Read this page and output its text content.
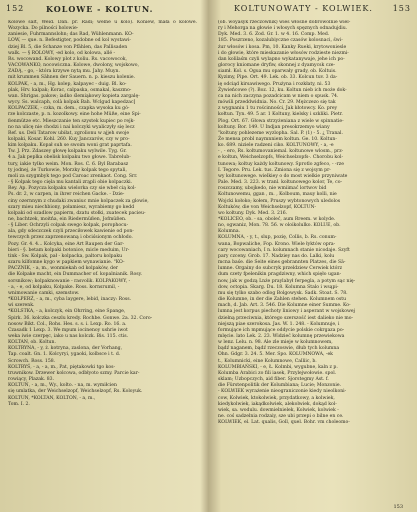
152	KOLOWE - KOLTUN.
Kolowe salt, Weid. Dan. pr. Radi; welne u kolo). Koniew, mała o kolowé. Wozycka. Do pilności holowie-
zaniesie, Fuhrmannslohn; das Rad, Wühlenmann. KO-
LOW, — que. n. Befestigter, podobne od kol wystawi-
dziej Bl. 5, die Schanze von Pfählen, das Pallisaden
walk. — § ROLOWY, -ed kolo, od kolowa, allé -
Rs. wocowand. Kolowy plot z koliu. Rs. vacowocok,
VACOWANKO, nocowiczna. Kolowe, dwolony, wojskowo,
ZADĄ, - go, - która krzywe nytą mu. Jahy. Muyn.
mit krummen Sähnen der Sauern. n. p. kieszu kolenie.
KOLPAK, - a, m., Hg. kolep, kalpayec - duig. Bl. ko-
plak, Hrv. kalpak; Korac, calpaska, osmakal, kaszmo-
wan. Shrigas. pakow; iadko ślemiąkowy kopieta zargalę-
wycy. Ss. walcaph, colà kolpak Bah. Wclgud kapedzac]
KOLPACZEK, - czka, m. dem., czapka wysoka ku gó-
rze kolczaste, p. n. kozolkowy. eine hohe Müße, eine Spi-
ßenmütze etc. Mieszczanie ten szystek kupiec po rejk-
no na ulicę nie chodzi i nai kolczyki wyaliczyły się lecz
Ref. us. Deli Tatarow ubiłat, zgrolionu w ajjeh swoje
kolpaki, Kosar. Kohl. 260. Kuy Janczarów, czy w pro-
kim kolpaku. Kopał suh se swoim woni grat paprtafa.
Tw. J. Prz. Zdaszey głowę kolpaku wylwile. Tyg. Gr.
4 a. Jak peplka obelisk kolpaku two głowe. Tabrelub-
tury, iakie tylko weim. Mon. Ros. C. 6. Byl Barabasz
ty jodnej, że Turkowie, Morzky kolpak tego spytali,
moli za szygmbyk tego pod Caroac zrenkaot. Cong. Srr.
- § Kolpak tego cięla mu kantali zrąpli obie kolpaczki.
Rey. Ap. Pozycza kolpaku wielorka czy sie wbeł cią kol-
Ps. dr. 2, w carpen, in ihrer reichen Gacke. - Dzie-
ciny ozernnym z chudaki zwaniuc mnie kolpaczek za glowie,
szary mieu niechbiony, połamiesz, wyrabiemy go kedd
kolpaki od ozadlow papierm, dzatu stołki, zuatecek pacieu-
ne, bachtzek, moitńa, ein Riedermüßen, Jofmüßen.
- § Liber. Ochrzyli colpak swego kolpak, porophocu-
ala, gdy sdeczczek czyli przeciłowek kawienie od pon-
tewczych przez zaprzenowaną i obciśsionym ochłodo.
Pozy. Gr. 4. 4... Kolcyka, eine Art Raupen der Gar-
bieri - §. betam kolpaki botonice, micle meduim, Ur-
tink - Sw. Kolpak, pał - kolpacka, paltoru kolpaku
szaru kilfomne kygo w papkiem wynawianie. "KO-
PACZNIK, - a, m., wonmiekah od kolpaków, der
die Kolpake macht, ein Dummacher of. kopalnianik. Rosy.
sorsnikow; kolpaknowanie - rasvolik. KOLPAKOWY, -
- a, - e, od kolpaku, Kolpake. Ross. kornsrumil, -
wnimowanie camki, szemstow.
*KOLPERŹ, - a, m., cyba laygere, lebid, inaczy: Ross.
wi szerenk.
*KOLSTKA, - a, kolczyk, ein Ohrring, eine Spange,
Spirk. 36. kolczka ceszlu kredy. Rochbe. Gonwe. 2a. 32. Coro-
nosow Bikt. Col., Rohs. Hes. s. s. i. Lexp. Ro. 16. a.
Czasadk 1 Lexp. 3. We mpum iocinenoy ushrie iwot
weka iwie czerpęc, iako u nas kolczk. Bis. 115. ctis.
KOLTAN, ob. Koltun.
KOLTRYNA, - y, ż. kotryna, zaslona, der Vorhang,
Tap. coalt. Gn. 1. Kolcyryi, ygaoki, kolbsce i t. d.
Scrowch. Ross. 158.
KOLTRYŚ, - a, - a, m., Pat, piętakowki tgo kos-
truwnikow. Drzewer kolcowa, odbłyoto szmy. Parcie kar-
rowiący, Plazak. 83.
KOLTUŃ, - a, m., Wy., kolto. - na, m. wymiłcien
się umlatka, der Weichselzopf, Weichselzopf, Rs. Koloyuk.
KOLTUN, *KOLTAN, KOLTON, - a, m.,
Tom. I. 2.
KOLTUNOWATY - KOLWIEK. 153
(ob. woyasyk rzeczownik) wieś włośne dobrowolnie wiel-
ry i Mehorga na głowie i włosych spęznych odnadujdiu.
Dyk. Med. 3. 6. Zod. Gr. 1. w 4. 16. Comp. Med.
185. Poszrzeno, kozalubiyczne czasów kolosnaci, świ-
żur włosów i kosa. Pm, 10. Kanky Rueki, krytowoniesle
i do głowie, które mieskazanie włosów rodzieste niezmi-
dan kolilaśm czyli wylapno wykatanywaje, jehe ich po-
glorocy kniomane dryfiw, skonnej z dyamycsk cze-
siamł. Kol. s. Ogua mu oparwały grady, ob. Koltuis.
Kyzimy, Pipe. Ort. 49. Lek. ob. 33. Kolcun tuv. 3 da-
ię odciąd kirsawiwego. Prużyna i rozkłaty, ni. 53
Żywieńcowe (?). Boz. 12, ku. Koltun nieb ich może dok-
ca na nich zaczyna pozadcicam w niem o spusk. 74.
mówili przeddwidnia. No. Cr. 29. Mężczezo się tak
z wygnaniu 1 tu rościnności, Jak kłotowcy. Ko. prey
kołtun. Tyn. 49. 5 ar. 1 Koltuny, kielsky i szkliki. Pietr.
Plog. Ort. 67. Głowa strzyżeniana z wiele w spinnatie-
koltuny. Bor. 149. U Indjan presokrzemyo wiany
"koltuny pohlezeme wyzlopha. Sal. P. (1) - 5. ¿ Tranal.
Że mensa probl naymnniem koltun. Ge. 10. Koltun-
ko. 689. niziele radzeni ciko. KOLTUNOWY, - a, -e
- , - ero, Rs. koltumovaniemal. koltunowe wlosm., prz-
e koltun, Weichselzopfs, Weichselzopfs-. Chorobu kol-
tunowa; koltuy każdy koltunowy. Sprotlo zgfeco, - -rze
I. Tegore. Pru. Lek. tus. Zmiona się z wojsym pr-
wy koltunowege. wielkiey o do most wielkie przyniwate
Pale. Med. 3. 223. w tranl. koltunowego kolor, Te, co-
roszczamy, ubojkedo, nie wmiimać lortwov bid
Koltunowemu, ggan , m. , Kolboum, mauy kolli, nie
Wojcki kołoko; kołem, Pruszy wybtonowych uledolos
Koltuków, die von Weichselzopf, KOLTUN-
wo koltuny. Dyk. Med. 3. 216.
*KOLICEO, ob. - sa, oboleć, aum Rreem. w kolyde.
no, ogwaniz, Mon. 78. 56. w oloikolulko. KOLUE, ob.
Kolumna.
KOLUMNA, - y, t., slup, pozię, Collis, b. Rs. conum-
wana, Bopwaliche, Fop. Krono. Wiele łyktów opra-
cary wocowaniach, I n. kolumnach stanie nicodaje. Szyft
pary czceny. Grob. 17. Nadziey nas do. Lalki, kolu
mcna baśe. die Seite eines gebrannten Platzes, die Sä-
lumne. Orgainy do subcryk przeldziew Cerwiek którz
dum czety fpelenikin pragdziwny, which spięło ugan-
now, jak w godzą Lnże praylabył ferpegla, a potym sąc nię-
dow, octopia. Skarg. Du. 18. Kolumna Stalo i wsąpi-
mu się tylko szabo odlog Bolgowysk. Sadk. Stoat. S. 78.
die Kolumne, in der die Zahlen stehen. Kolumnem ostu
mach, d. Jab. Art. 3. 546. Die Kolumne einer Summe. Ko-
lumna jest korpus piechoty liniowy i asperant w wojskowej
dzielną przeciwnia, którego szerszość iest dalieko nie mo-
niejszą piae szerokosa. Jas. W. 1. 248. - Kolumnuje, i
formujące ich mpmujące oddycie polskie cokrgaza po-
mlęcie. lato Lek. 2. 23. Widzieć kolumnę przewiekowa
w lenz. Lelu. n. 98. Ale zle mieje w kolumnowem,
bądź naganem, bądź rzeczoswie, dłub tych kolumna
Ohn. Gdgr. 3. 24. 5. Mer. Spo. KOLUMNOWA, -ek
t., Kolumnicki, eine Kolumnowe, Calliic, b.
KOLUMBIAŃSKI, - e, Ł. Kolmbi, wygubne, kaln z p.
Kolumba Arabici zo fili iasek, Przylejwołowie. spol.
sklam; Uzbopczych, aid fiber. Sjorstegmy Ast. f.
die Fürstenpolitik der Kolumbiana; Lucie; Monzonie.
- KOLWIEK wyrażenie nieograniczonie kiedy nieolkoni-
cow, Kolwiek, ktokolwiek, przydatkowy, a kolwiek,
kiedykolwiek, iakądkolwiek, alekolwiek, dokąd kol-
wiek, sa. wodulu. dowmielnielek, Kolwiek, kolwiek -
ne. coś sadzelnia rodzaiy, sze ubi przepi o bilne en ce.
KOLWIEK, el. Lat. qualis, Goll, quel. Bohr. vm choleomo-
153
